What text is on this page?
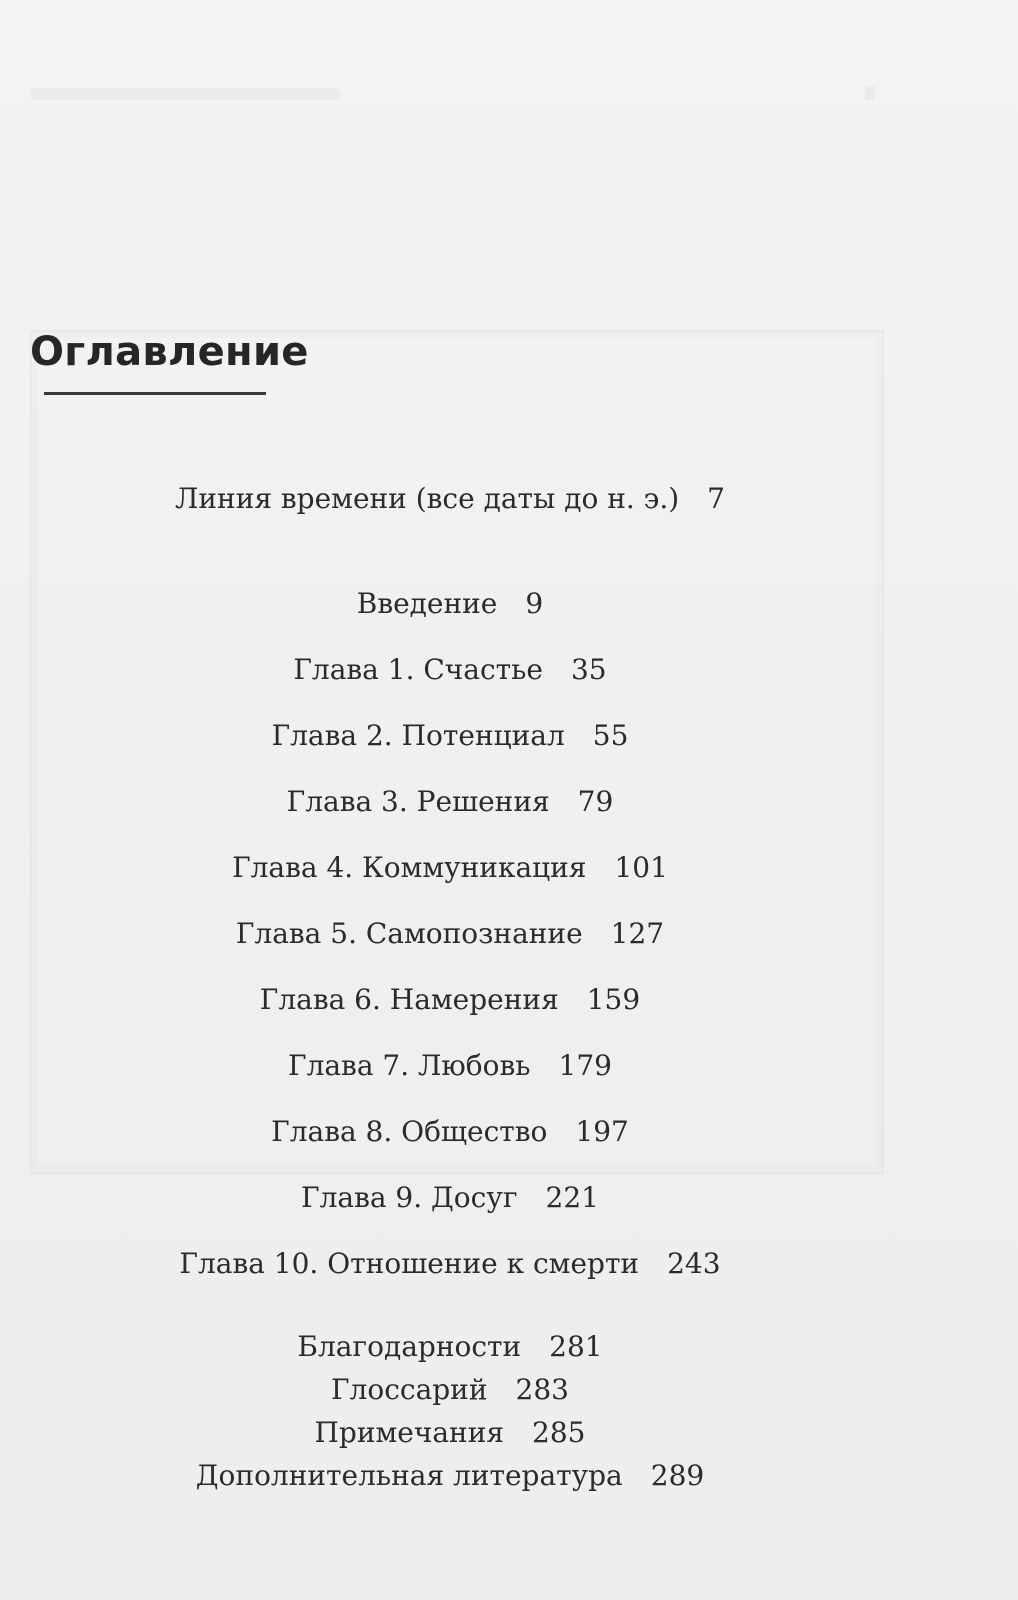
Оглавление
Линия времени (все даты до н. э.) 7
Введение 9
Глава 1. Счастье 35
Глава 2. Потенциал 55
Глава 3. Решения 79
Глава 4. Коммуникация 101
Глава 5. Самопознание 127
Глава 6. Намерения 159
Глава 7. Любовь 179
Глава 8. Общество 197
Глава 9. Досуг 221
Глава 10. Отношение к смерти 243
Благодарности 281
Глоссарий 283
Примечания 285
Дополнительная литература 289
